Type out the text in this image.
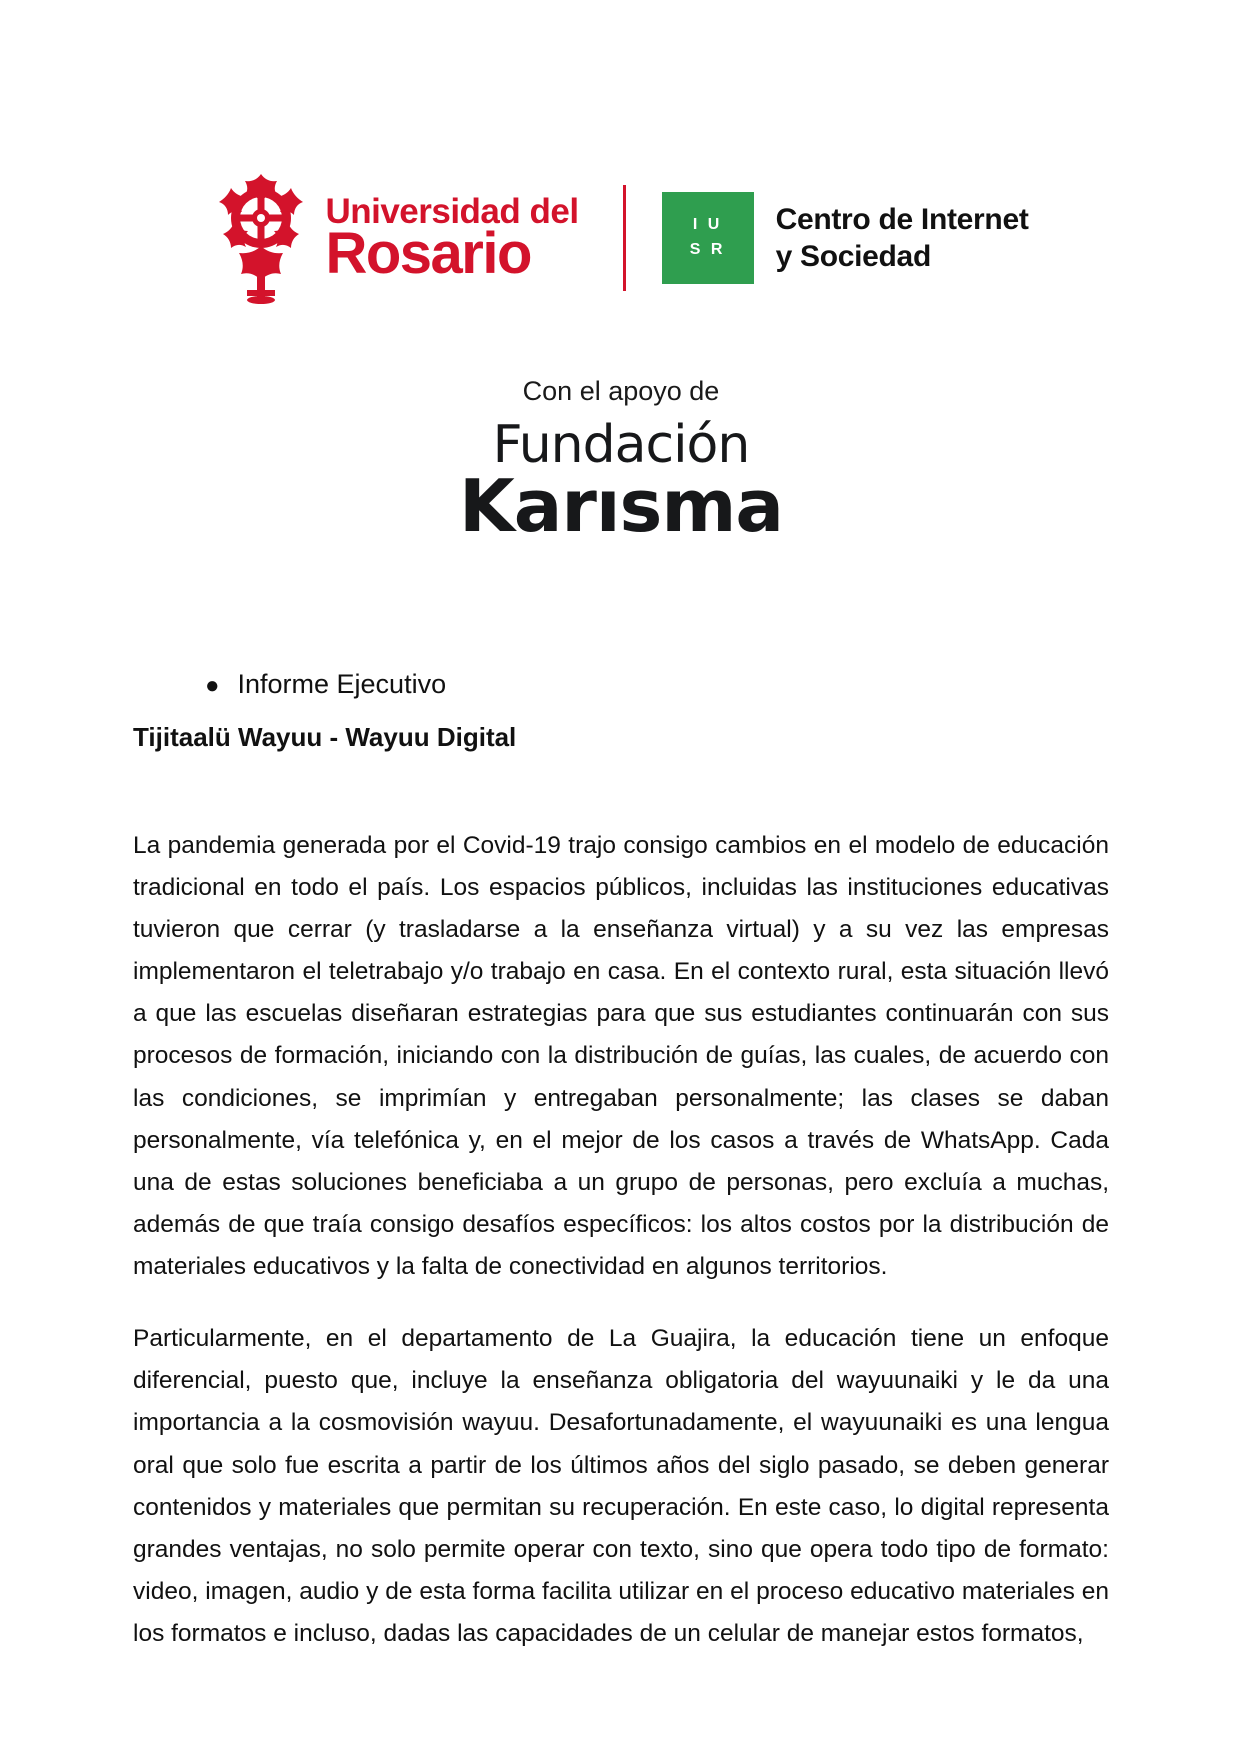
Universidad del
Rosario	I U
S R
Centro de Internet
y Sociedad
Con el apoyo de
Fundación
Karısma
● Informe Ejecutivo
Tijitaalü Wayuu - Wayuu Digital

La pandemia generada por el Covid-19 trajo consigo cambios en el modelo de educación tradicional en todo el país. Los espacios públicos, incluidas las instituciones educativas tuvieron que cerrar (y trasladarse a la enseñanza virtual) y a su vez las empresas implementaron el teletrabajo y/o trabajo en casa. En el contexto rural, esta situación llevó a que las escuelas diseñaran estrategias para que sus estudiantes continuarán con sus procesos de formación, iniciando con la distribución de guías, las cuales, de acuerdo con las condiciones, se imprimían y entregaban personalmente; las clases se daban personalmente, vía telefónica y, en el mejor de los casos a través de WhatsApp. Cada una de estas soluciones beneficiaba a un grupo de personas, pero excluía a muchas, además de que traía consigo desafíos específicos: los altos costos por la distribución de materiales educativos y la falta de conectividad en algunos territorios.

Particularmente, en el departamento de La Guajira, la educación tiene un enfoque diferencial, puesto que, incluye la enseñanza obligatoria del wayuunaiki y le da una importancia a la cosmovisión wayuu. Desafortunadamente, el wayuunaiki es una lengua oral que solo fue escrita a partir de los últimos años del siglo pasado, se deben generar contenidos y materiales que permitan su recuperación. En este caso, lo digital representa grandes ventajas, no solo permite operar con texto, sino que opera todo tipo de formato: video, imagen, audio y de esta forma facilita utilizar en el proceso educativo materiales en los formatos e incluso, dadas las capacidades de un celular de manejar estos formatos,
